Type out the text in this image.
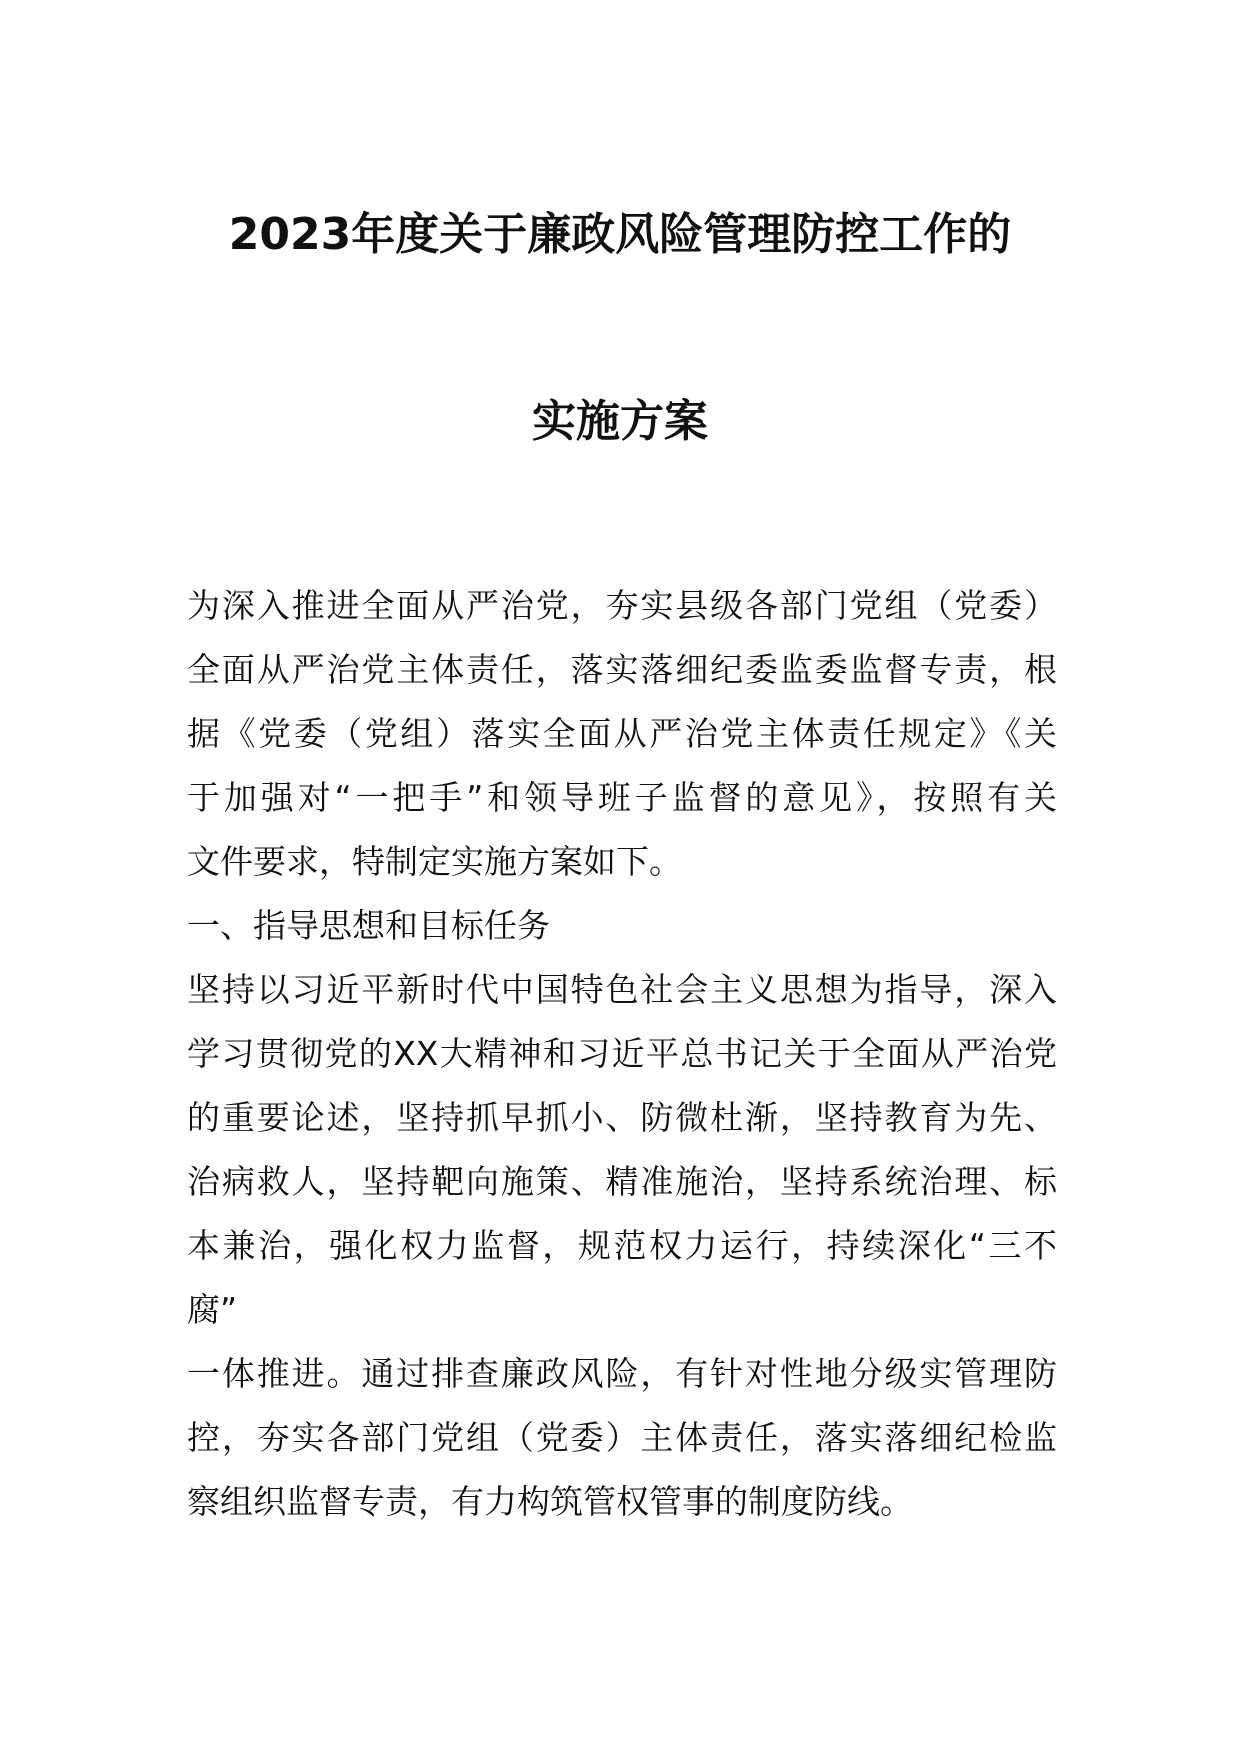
2023年度关于廉政风险管理防控工作的
实施方案
为深入推进全面从严治党，夯实县级各部门党组（党委）
全面从严治党主体责任，落实落细纪委监委监督专责，根
据《党委（党组）落实全面从严治党主体责任规定》《关
于加强对“一把手”和领导班子监督的意见》，按照有关
文件要求，特制定实施方案如下。
一、指导思想和目标任务
坚持以习近平新时代中国特色社会主义思想为指导，深入
学习贯彻党的XX大精神和习近平总书记关于全面从严治党
的重要论述，坚持抓早抓小、防微杜渐，坚持教育为先、
治病救人，坚持靶向施策、精准施治，坚持系统治理、标
本兼治，强化权力监督，规范权力运行，持续深化“三不
腐”
一体推进。通过排查廉政风险，有针对性地分级实管理防
控，夯实各部门党组（党委）主体责任，落实落细纪检监
察组织监督专责，有力构筑管权管事的制度防线。
